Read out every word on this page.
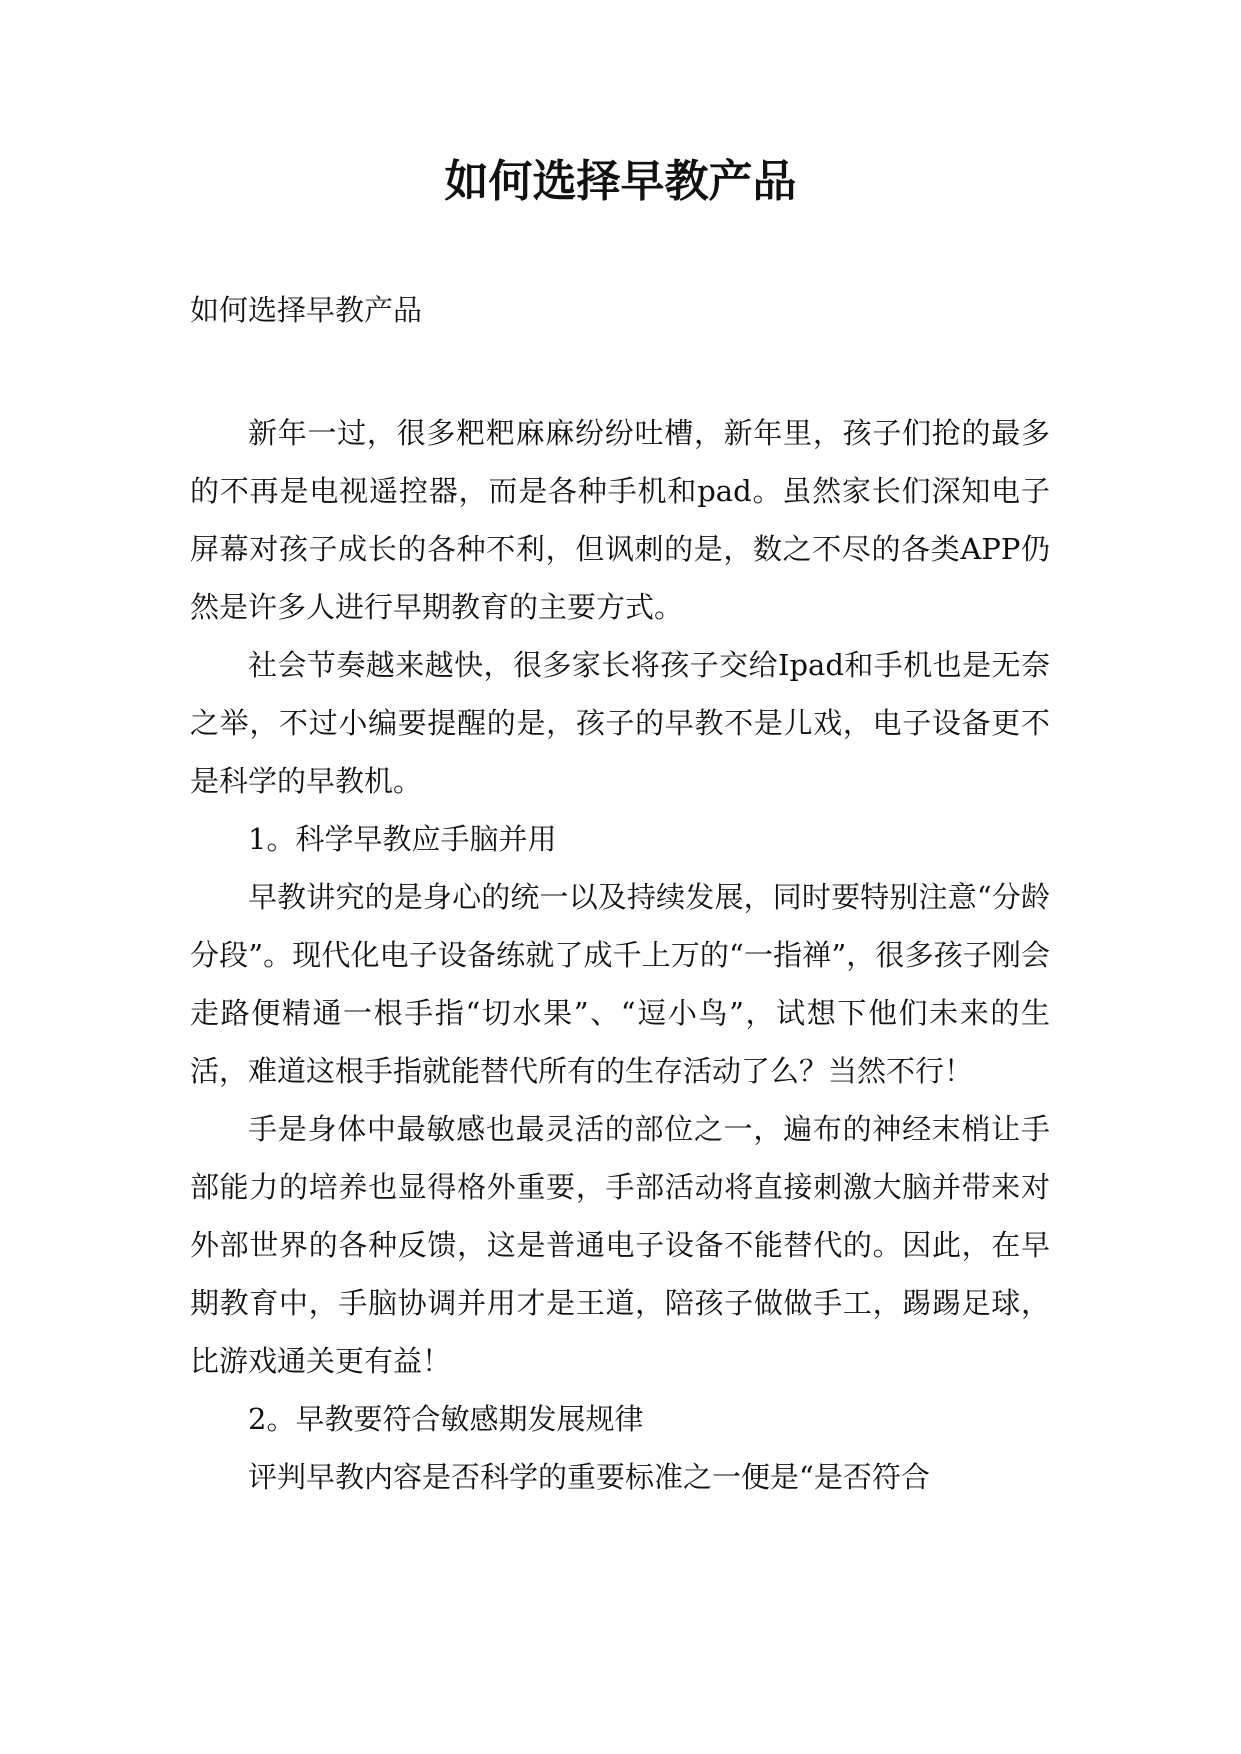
如何选择早教产品

如何选择早教产品

新年一过，很多粑粑麻麻纷纷吐槽，新年里，孩子们抢的最多的不再是电视遥控器，而是各种手机和pad。虽然家长们深知电子屏幕对孩子成长的各种不利，但讽刺的是，数之不尽的各类APP仍然是许多人进行早期教育的主要方式。

社会节奏越来越快，很多家长将孩子交给Ipad和手机也是无奈之举，不过小编要提醒的是，孩子的早教不是儿戏，电子设备更不是科学的早教机。

1。科学早教应手脑并用

早教讲究的是身心的统一以及持续发展，同时要特别注意“分龄分段”。现代化电子设备练就了成千上万的“一指禅”，很多孩子刚会走路便精通一根手指“切水果”、“逗小鸟”，试想下他们未来的生活，难道这根手指就能替代所有的生存活动了么？当然不行！

手是身体中最敏感也最灵活的部位之一，遍布的神经末梢让手部能力的培养也显得格外重要，手部活动将直接刺激大脑并带来对外部世界的各种反馈，这是普通电子设备不能替代的。因此，在早期教育中，手脑协调并用才是王道，陪孩子做做手工，踢踢足球，比游戏通关更有益！

2。早教要符合敏感期发展规律

评判早教内容是否科学的重要标准之一便是“是否符合
